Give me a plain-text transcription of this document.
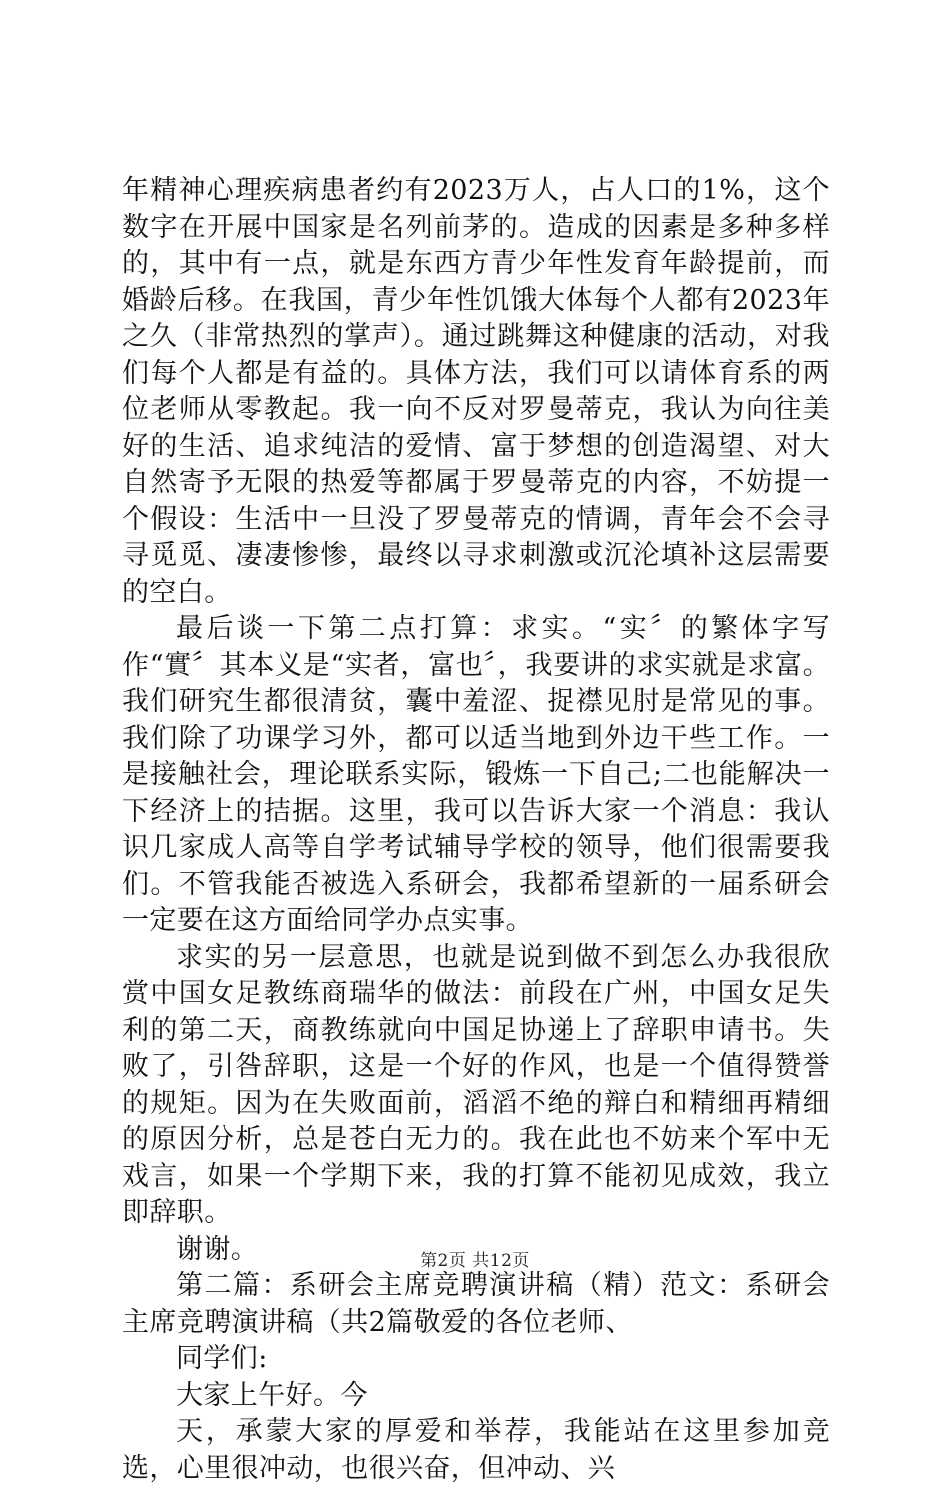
年精神心理疾病患者约有2023万人，占人口的1%，这个数字在开展中国家是名列前茅的。造成的因素是多种多样的，其中有一点，就是东西方青少年性发育年龄提前，而婚龄后移。在我国，青少年性饥饿大体每个人都有2023年之久（非常热烈的掌声）。通过跳舞这种健康的活动，对我们每个人都是有益的。具体方法，我们可以请体育系的两位老师从零教起。我一向不反对罗曼蒂克，我认为向往美好的生活、追求纯洁的爱情、富于梦想的创造渴望、对大自然寄予无限的热爱等都属于罗曼蒂克的内容，不妨提一个假设：生活中一旦没了罗曼蒂克的情调，青年会不会寻寻觅觅、凄凄惨惨，最终以寻求刺激或沉沦填补这层需要的空白。

最后谈一下第二点打算：求实。“实〞的繁体字写作“實〞其本义是“实者，富也〞，我要讲的求实就是求富。我们研究生都很清贫，囊中羞涩、捉襟见肘是常见的事。我们除了功课学习外，都可以适当地到外边干些工作。一是接触社会，理论联系实际，锻炼一下自己;二也能解决一下经济上的拮据。这里，我可以告诉大家一个消息：我认识几家成人高等自学考试辅导学校的领导，他们很需要我们。不管我能否被选入系研会，我都希望新的一届系研会一定要在这方面给同学办点实事。

求实的另一层意思，也就是说到做不到怎么办我很欣赏中国女足教练商瑞华的做法：前段在广州，中国女足失利的第二天，商教练就向中国足协递上了辞职申请书。失败了，引咎辞职，这是一个好的作风，也是一个值得赞誉的规矩。因为在失败面前，滔滔不绝的辩白和精细再精细的原因分析，总是苍白无力的。我在此也不妨来个军中无戏言，如果一个学期下来，我的打算不能初见成效，我立即辞职。

谢谢。

第二篇：系研会主席竞聘演讲稿（精）范文：系研会主席竞聘演讲稿（共2篇敬爱的各位老师、

同学们:

大家上午好。今

天，承蒙大家的厚爱和举荐，我能站在这里参加竞选，心里很冲动，也很兴奋，但冲动、兴

第2页 共12页
